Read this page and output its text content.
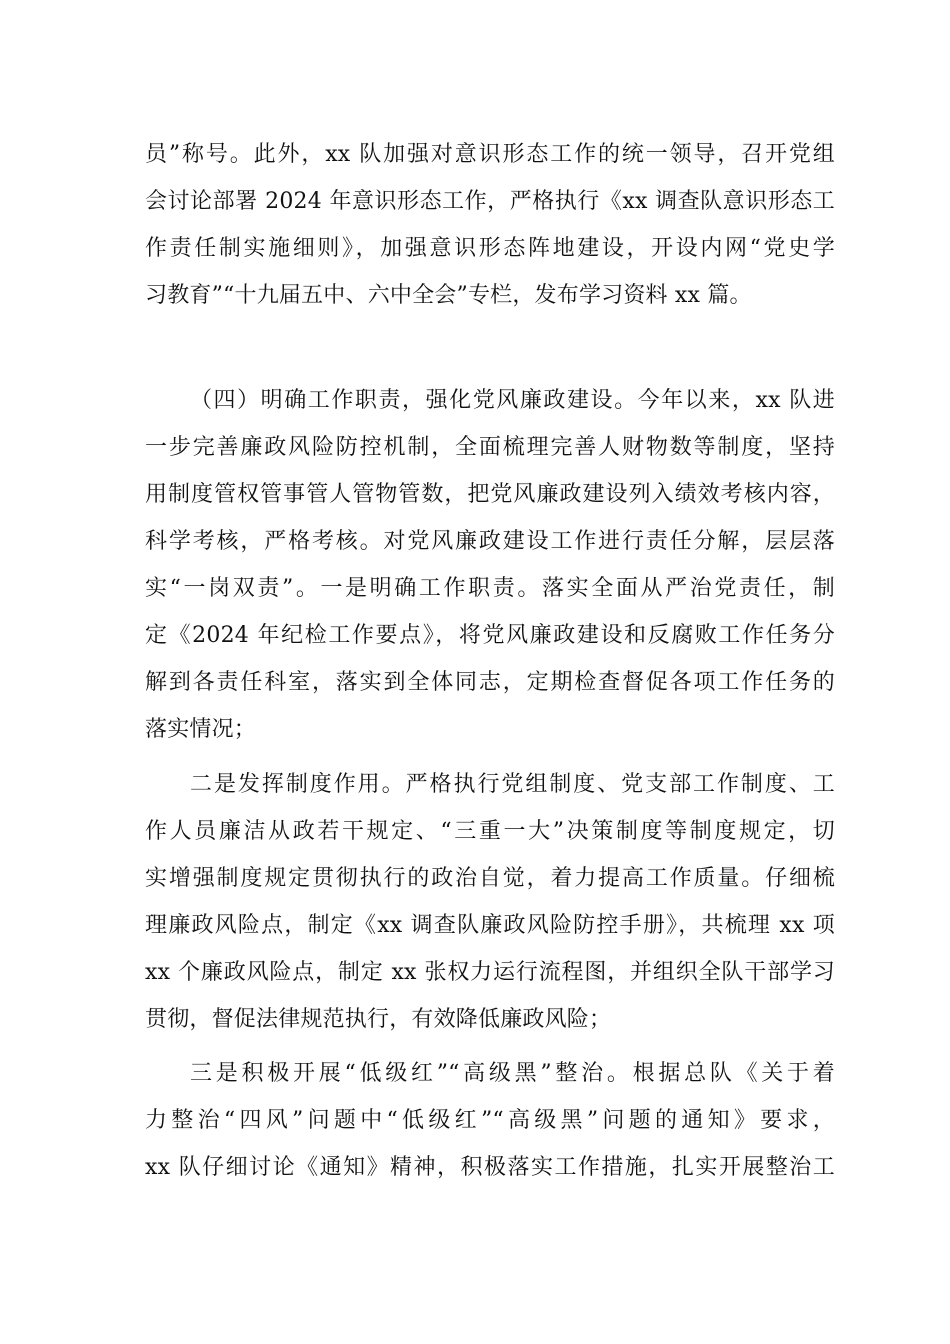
员”称号。此外，xx 队加强对意识形态工作的统一领导，召开党组
会讨论部署 2024 年意识形态工作，严格执行《xx 调查队意识形态工
作责任制实施细则》，加强意识形态阵地建设，开设内网“党史学
习教育”“十九届五中、六中全会”专栏，发布学习资料 xx 篇。
（四）明确工作职责，强化党风廉政建设。今年以来，xx 队进
一步完善廉政风险防控机制，全面梳理完善人财物数等制度，坚持
用制度管权管事管人管物管数，把党风廉政建设列入绩效考核内容，
科学考核，严格考核。对党风廉政建设工作进行责任分解，层层落
实“一岗双责”。一是明确工作职责。落实全面从严治党责任，制
定《2024 年纪检工作要点》，将党风廉政建设和反腐败工作任务分
解到各责任科室，落实到全体同志，定期检查督促各项工作任务的
落实情况；
二是发挥制度作用。严格执行党组制度、党支部工作制度、工
作人员廉洁从政若干规定、“三重一大”决策制度等制度规定，切
实增强制度规定贯彻执行的政治自觉，着力提高工作质量。仔细梳
理廉政风险点，制定《xx 调查队廉政风险防控手册》，共梳理 xx 项
xx 个廉政风险点，制定 xx 张权力运行流程图，并组织全队干部学习
贯彻，督促法律规范执行，有效降低廉政风险；
三是积极开展“低级红”“高级黑”整治。根据总队《关于着
力整治“四风”问题中“低级红”“高级黑”问题的通知》要求，
xx 队仔细讨论《通知》精神，积极落实工作措施，扎实开展整治工
